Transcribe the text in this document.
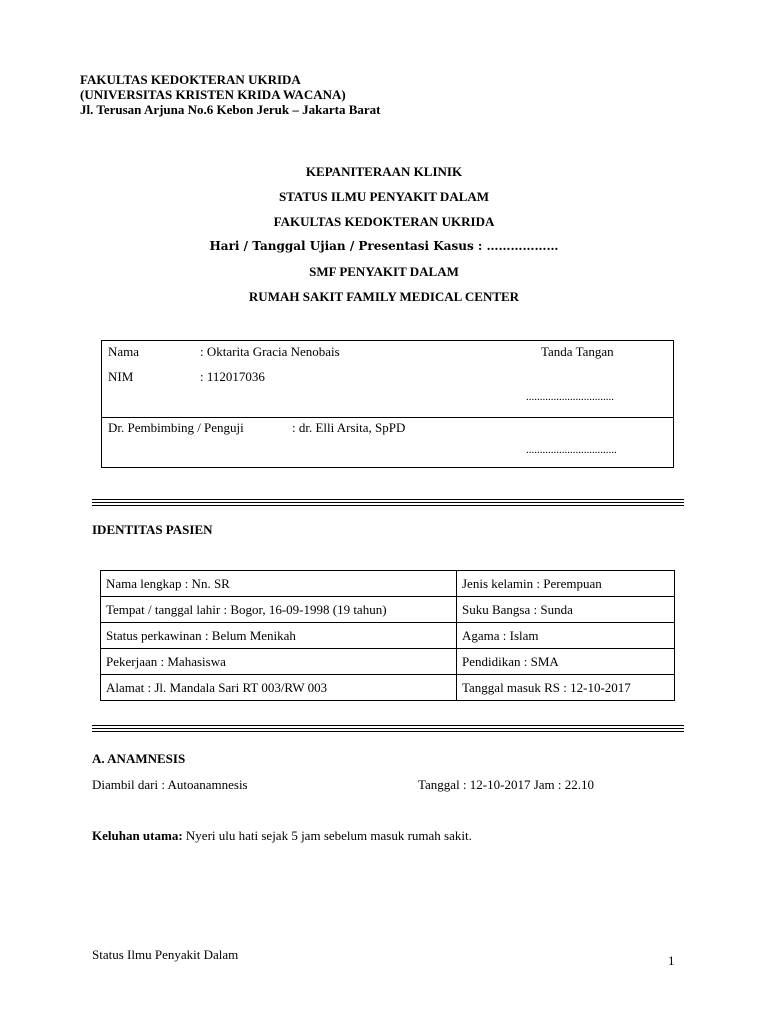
FAKULTAS KEDOKTERAN UKRIDA
(UNIVERSITAS KRISTEN KRIDA WACANA)
Jl. Terusan Arjuna No.6 Kebon Jeruk – Jakarta Barat
KEPANITERAAN KLINIK
STATUS ILMU PENYAKIT DALAM
FAKULTAS KEDOKTERAN UKRIDA
Hari / Tanggal Ujian / Presentasi Kasus : ………………
SMF PENYAKIT DALAM
RUMAH SAKIT FAMILY MEDICAL CENTER
Nama	: Oktarita Gracia Nenobais	Tanda Tangan
NIM	: 112017036
................................
Dr. Pembimbing / Penguji	: dr. Elli Arsita, SpPD
.................................
IDENTITAS PASIEN
Nama lengkap : Nn. SR	Jenis kelamin : Perempuan
Tempat / tanggal lahir : Bogor, 16-09-1998 (19 tahun)	Suku Bangsa : Sunda
Status perkawinan : Belum Menikah	Agama : Islam
Pekerjaan : Mahasiswa	Pendidikan : SMA
Alamat : Jl. Mandala Sari RT 003/RW 003	Tanggal masuk RS : 12-10-2017
A. ANAMNESIS
Diambil dari : Autoanamnesis	Tanggal : 12-10-2017 Jam : 22.10
Keluhan utama: Nyeri ulu hati sejak 5 jam sebelum masuk rumah sakit.
Status Ilmu Penyakit Dalam	1
